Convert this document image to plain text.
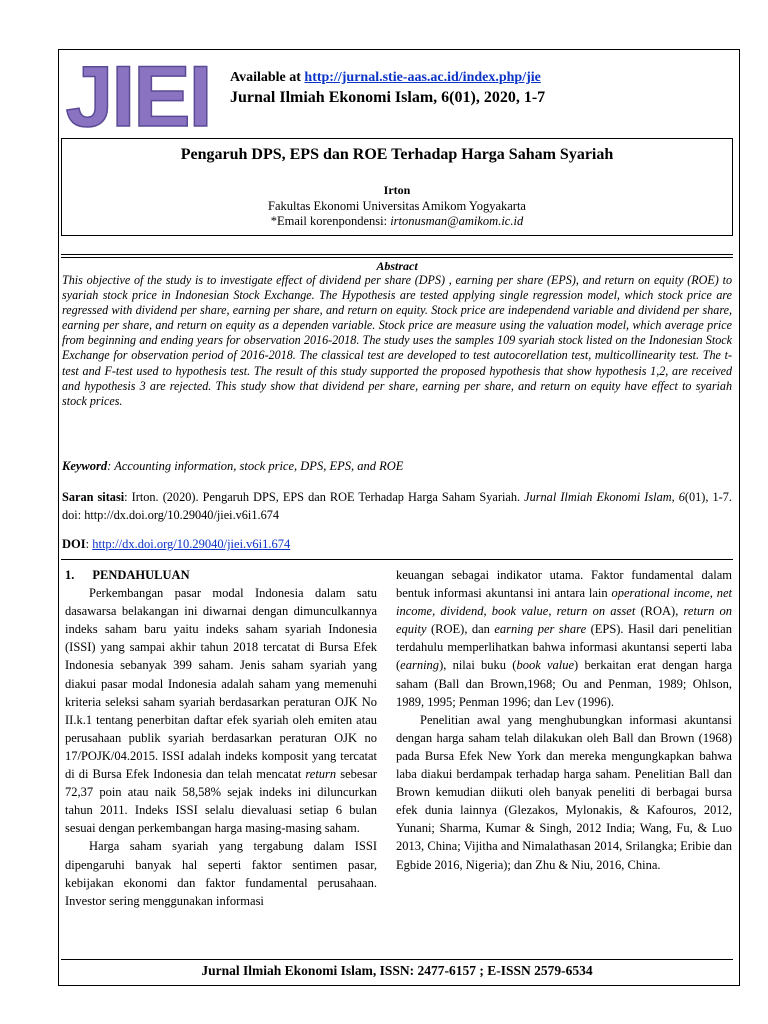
JIEI Available at http://jurnal.stie-aas.ac.id/index.php/jie
Jurnal Ilmiah Ekonomi Islam, 6(01), 2020, 1-7
Pengaruh DPS, EPS dan ROE Terhadap Harga Saham Syariah
Irton
Fakultas Ekonomi Universitas Amikom Yogyakarta
*Email korenpondensi: irtonusman@amikom.ic.id
Abstract
This objective of the study is to investigate effect of dividend per share (DPS) , earning per share (EPS), and return on equity (ROE) to syariah stock price in Indonesian Stock Exchange. The Hypothesis are tested applying single regression model, which stock price are regressed with dividend per share, earning per share, and return on equity. Stock price are independend variable and dividend per share, earning per share, and return on equity as a dependen variable. Stock price are measure using the valuation model, which average price from beginning and ending years for observation 2016-2018. The study uses the samples 109 syariah stock listed on the Indonesian Stock Exchange for observation period of 2016-2018. The classical test are developed to test autocorellation test, multicollinearity test. The t-test and F-test used to hypothesis test. The result of this study supported the proposed hypothesis that show hypothesis 1,2, are received and hypothesis 3 are rejected. This study show that dividend per share, earning per share, and return on equity have effect to syariah stock prices.
Keyword: Accounting information, stock price, DPS, EPS, and ROE
Saran sitasi: Irton. (2020). Pengaruh DPS, EPS dan ROE Terhadap Harga Saham Syariah. Jurnal Ilmiah Ekonomi Islam, 6(01), 1-7. doi: http://dx.doi.org/10.29040/jiei.v6i1.674
DOI: http://dx.doi.org/10.29040/jiei.v6i1.674
1. PENDAHULUAN

Perkembangan pasar modal Indonesia dalam satu dasawarsa belakangan ini diwarnai dengan dimunculkannya indeks saham baru yaitu indeks saham syariah Indonesia (ISSI) yang sampai akhir tahun 2018 tercatat di Bursa Efek Indonesia sebanyak 399 saham. Jenis saham syariah yang diakui pasar modal Indonesia adalah saham yang memenuhi kriteria seleksi saham syariah berdasarkan peraturan OJK No II.k.1 tentang penerbitan daftar efek syariah oleh emiten atau perusahaan publik syariah berdasarkan peraturan OJK no 17/POJK/04.2015. ISSI adalah indeks komposit yang tercatat di di Bursa Efek Indonesia dan telah mencatat return sebesar 72,37 poin atau naik 58,58% sejak indeks ini diluncurkan tahun 2011. Indeks ISSI selalu dievaluasi setiap 6 bulan sesuai dengan perkembangan harga masing-masing saham.

Harga saham syariah yang tergabung dalam ISSI dipengaruhi banyak hal seperti faktor sentimen pasar, kebijakan ekonomi dan faktor fundamental perusahaan. Investor sering menggunakan informasi

keuangan sebagai indikator utama. Faktor fundamental dalam bentuk informasi akuntansi ini antara lain operational income, net income, dividend, book value, return on asset (ROA), return on equity (ROE), dan earning per share (EPS). Hasil dari penelitian terdahulu memperlihatkan bahwa informasi akuntansi seperti laba (earning), nilai buku (book value) berkaitan erat dengan harga saham (Ball dan Brown,1968; Ou and Penman, 1989; Ohlson, 1989, 1995; Penman 1996; dan Lev (1996).

Penelitian awal yang menghubungkan informasi akuntansi dengan harga saham telah dilakukan oleh Ball dan Brown (1968) pada Bursa Efek New York dan mereka mengungkapkan bahwa laba diakui berdampak terhadap harga saham. Penelitian Ball dan Brown kemudian diikuti oleh banyak peneliti di berbagai bursa efek dunia lainnya (Glezakos, Mylonakis, & Kafouros, 2012, Yunani; Sharma, Kumar & Singh, 2012 India; Wang, Fu, & Luo 2013, China; Vijitha and Nimalathasan 2014, Srilangka; Eribie dan Egbide 2016, Nigeria); dan Zhu & Niu, 2016, China.

Jurnal Ilmiah Ekonomi Islam, ISSN: 2477-6157 ; E-ISSN 2579-6534
